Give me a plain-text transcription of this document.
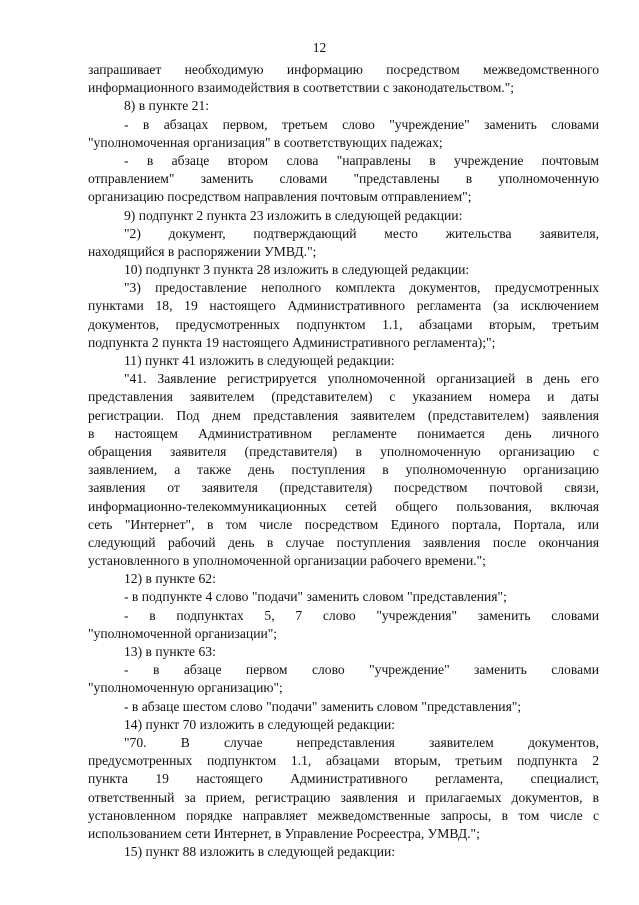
12
запрашивает необходимую информацию посредством межведомственного
информационного взаимодействия в соответствии с законодательством.";
8) в пункте 21:
- в абзацах первом, третьем слово "учреждение" заменить словами
"уполномоченная организация" в соответствующих падежах;
- в абзаце втором слова "направлены в учреждение почтовым
отправлением" заменить словами "представлены в уполномоченную
организацию посредством направления почтовым отправлением";
9) подпункт 2 пункта 23 изложить в следующей редакции:
"2) документ, подтверждающий место жительства заявителя,
находящийся в распоряжении УМВД.";
10) подпункт 3 пункта 28 изложить в следующей редакции:
"3) предоставление неполного комплекта документов, предусмотренных
пунктами 18, 19 настоящего Административного регламента (за исключением
документов, предусмотренных подпунктом 1.1, абзацами вторым, третьим
подпункта 2 пункта 19 настоящего Административного регламента);";
11) пункт 41 изложить в следующей редакции:
"41. Заявление регистрируется уполномоченной организацией в день его
представления заявителем (представителем) с указанием номера и даты
регистрации. Под днем представления заявителем (представителем) заявления
в настоящем Административном регламенте понимается день личного
обращения заявителя (представителя) в уполномоченную организацию с
заявлением, а также день поступления в уполномоченную организацию
заявления от заявителя (представителя) посредством почтовой связи,
информационно-телекоммуникационных сетей общего пользования, включая
сеть "Интернет", в том числе посредством Единого портала, Портала, или
следующий рабочий день в случае поступления заявления после окончания
установленного в уполномоченной организации рабочего времени.";
12) в пункте 62:
- в подпункте 4 слово "подачи" заменить словом "представления";
- в подпунктах 5, 7 слово "учреждения" заменить словами
"уполномоченной организации";
13) в пункте 63:
- в абзаце первом слово "учреждение" заменить словами
"уполномоченную организацию";
- в абзаце шестом слово "подачи" заменить словом "представления";
14) пункт 70 изложить в следующей редакции:
"70. В случае непредставления заявителем документов,
предусмотренных подпунктом 1.1, абзацами вторым, третьим подпункта 2
пункта 19 настоящего Административного регламента, специалист,
ответственный за прием, регистрацию заявления и прилагаемых документов, в
установленном порядке направляет межведомственные запросы, в том числе с
использованием сети Интернет, в Управление Росреестра, УМВД.";
15) пункт 88 изложить в следующей редакции:
